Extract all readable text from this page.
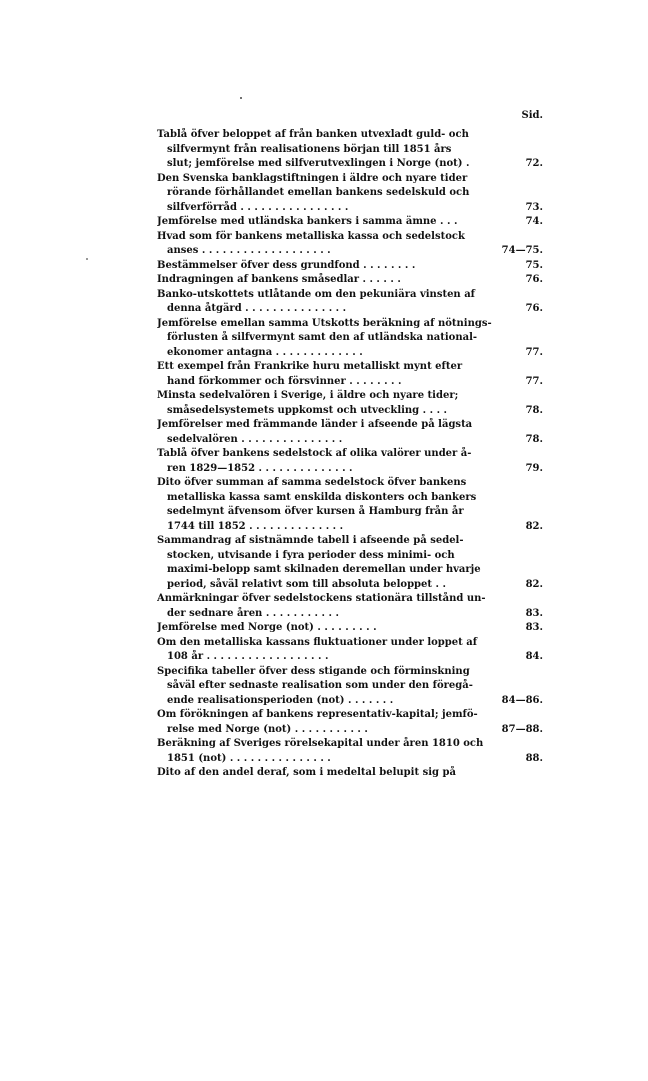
Sid.
Tablå öfver beloppet af från banken utvexladt guld- och
silfvermynt från realisationens början till 1851 års
slut; jemförelse med silfverutvexlingen i Norge (not) .	72.
Den Svenska banklagstiftningen i äldre och nyare tider
rörande förhållandet emellan bankens sedelskuld och
silfverförråd . . . . . . . . . . . . . . . .	73.
Jemförelse med utländska bankers i samma ämne . . .	74.
Hvad som för bankens metalliska kassa och sedelstock
anses . . . . . . . . . . . . . . . . . . .	74—75.
Bestämmelser öfver dess grundfond . . . . . . . .	75.
Indragningen af bankens småsedlar . . . . . .	76.
Banko-utskottets utlåtande om den pekuniära vinsten af
denna åtgärd . . . . . . . . . . . . . . .	76.
Jemförelse emellan samma Utskotts beräkning af nötnings-
förlusten å silfvermynt samt den af utländska national-
ekonomer antagna . . . . . . . . . . . . .	77.
Ett exempel från Frankrike huru metalliskt mynt efter
hand förkommer och försvinner . . . . . . . .	77.
Minsta sedelvalören i Sverige, i äldre och nyare tider;
småsedelsystemets uppkomst och utveckling . . . .	78.
Jemförelser med främmande länder i afseende på lägsta
sedelvalören . . . . . . . . . . . . . . .	78.
Tablå öfver bankens sedelstock af olika valörer under å-
ren 1829—1852 . . . . . . . . . . . . . .	79.
Dito öfver summan af samma sedelstock öfver bankens
metalliska kassa samt enskilda diskonters och bankers
sedelmynt äfvensom öfver kursen å Hamburg från år
1744 till 1852 . . . . . . . . . . . . . .	82.
Sammandrag af sistnämnde tabell i afseende på sedel-
stocken, utvisande i fyra perioder dess minimi- och
maximi-belopp samt skilnaden deremellan under hvarje
period, såväl relativt som till absoluta beloppet . .	82.
Anmärkningar öfver sedelstockens stationära tillstånd un-
der sednare åren . . . . . . . . . . .	83.
Jemförelse med Norge (not) . . . . . . . . .	83.
Om den metalliska kassans fluktuationer under loppet af
108 år . . . . . . . . . . . . . . . . . .	84.
Specifika tabeller öfver dess stigande och förminskning
såväl efter sednaste realisation som under den föregå-
ende realisationsperioden (not) . . . . . . .	84—86.
Om förökningen af bankens representativ-kapital; jemfö-
relse med Norge (not) . . . . . . . . . . .	87—88.
Beräkning af Sveriges rörelsekapital under åren 1810 och
1851 (not) . . . . . . . . . . . . . . .	88.
Dito af den andel deraf, som i medeltal belupit sig på
